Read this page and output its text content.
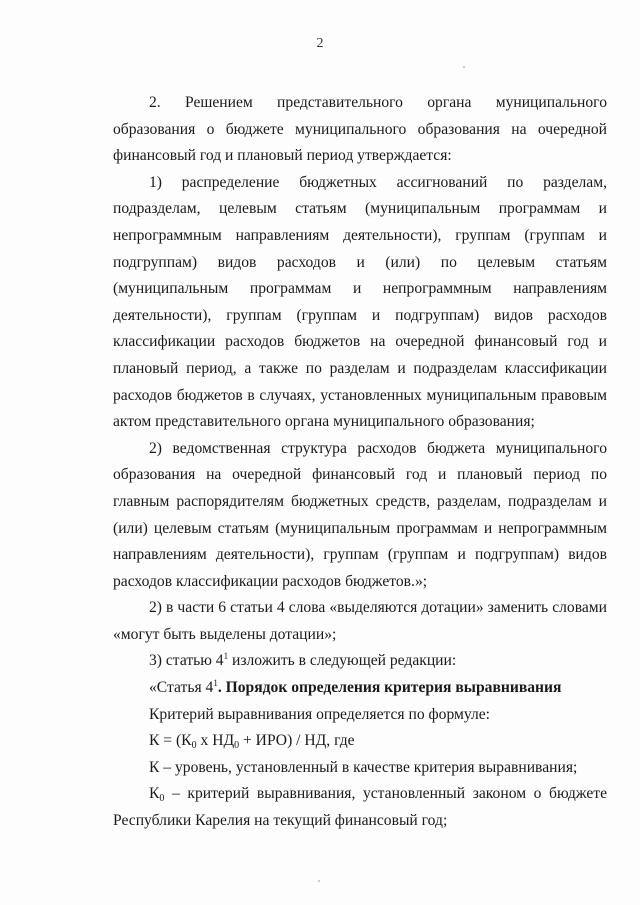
2

2. Решением представительного органа муниципального образования о бюджете муниципального образования на очередной финансовый год и плановый период утверждается:

1) распределение бюджетных ассигнований по разделам, подразделам, целевым статьям (муниципальным программам и непрограммным направлениям деятельности), группам (группам и подгруппам) видов расходов и (или) по целевым статьям (муниципальным программам и непрограммным направлениям деятельности), группам (группам и подгруппам) видов расходов классификации расходов бюджетов на очередной финансовый год и плановый период, а также по разделам и подразделам классификации расходов бюджетов в случаях, установленных муниципальным правовым актом представительного органа муниципального образования;

2) ведомственная структура расходов бюджета муниципального образования на очередной финансовый год и плановый период по главным распорядителям бюджетных средств, разделам, подразделам и (или) целевым статьям (муниципальным программам и непрограммным направлениям деятельности), группам (группам и подгруппам) видов расходов классификации расходов бюджетов.»;

2) в части 6 статьи 4 слова «выделяются дотации» заменить словами «могут быть выделены дотации»;

3) статью $4^1$ изложить в следующей редакции:

«Статья $4^1$. Порядок определения критерия выравнивания

Критерий выравнивания определяется по формуле:

$К = (К_0$ х $НД_0 + ИРО$) / НД, где

К – уровень, установленный в качестве критерия выравнивания;

$К_0$ – критерий выравнивания, установленный законом о бюджете Республики Карелия на текущий финансовый год;
